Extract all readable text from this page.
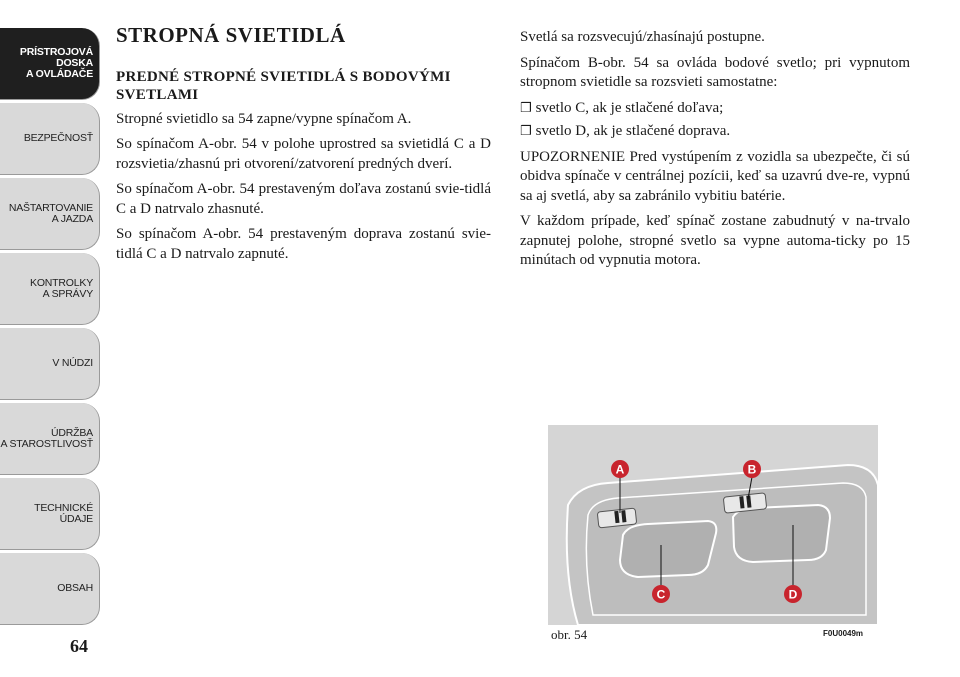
PRÍSTROJOVÁ
DOSKA
A OVLÁDAČE
BEZPEČNOSŤ
NAŠTARTOVANIE
A JAZDA
KONTROLKY
A SPRÁVY
V NÚDZI
ÚDRŽBA
A STAROSTLIVOSŤ
TECHNICKÉ ÚDAJE
OBSAH
64
STROPNÁ SVIETIDLÁ
PREDNÉ STROPNÉ SVIETIDLÁ S BODOVÝMI SVETLAMI

Stropné svietidlo sa 54 zapne/vypne spínačom A.

So spínačom A-obr. 54 v polohe uprostred sa svietidlá C a D rozsvietia/zhasnú pri otvorení/zatvorení predných dverí.

So spínačom A-obr. 54 prestaveným doľava zostanú svie-tidlá C a D natrvalo zhasnuté.

So spínačom A-obr. 54 prestaveným doprava zostanú svie-tidlá C a D natrvalo zapnuté.

Svetlá sa rozsvecujú/zhasínajú postupne.

Spínačom B-obr. 54 sa ovláda bodové svetlo; pri vypnutom stropnom svietidle sa rozsvieti samostatne:

❒ svetlo C, ak je stlačené doľava;
❒ svetlo D, ak je stlačené doprava.

UPOZORNENIE Pred vystúpením z vozidla sa ubezpečte, či sú obidva spínače v centrálnej pozícii, keď sa uzavrú dve-re, vypnú sa aj svetlá, aby sa zabránilo vybitiu batérie.

V každom prípade, keď spínač zostane zabudnutý v na-trvalo zapnutej polohe, stropné svetlo sa vypne automa-ticky po 15 minútach od vypnutia motora.

A	B
C	D
obr. 54	F0U0049m
